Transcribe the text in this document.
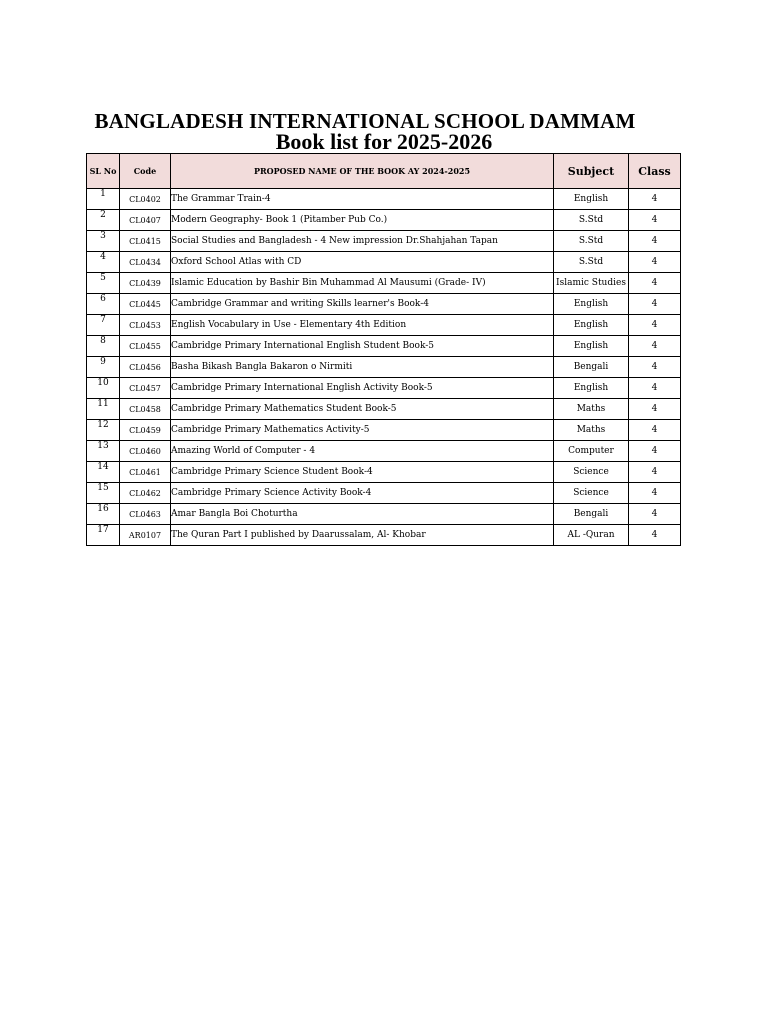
BANGLADESH INTERNATIONAL SCHOOL DAMMAM
Book list for 2025-2026
SL No	Code	PROPOSED NAME OF THE BOOK AY 2024-2025	Subject	Class
1	CL0402	The Grammar Train-4	English	4
2	CL0407	Modern Geography- Book 1 (Pitamber Pub Co.)	S.Std	4
3	CL0415	Social Studies and Bangladesh - 4 New impression Dr.Shahjahan Tapan	S.Std	4
4	CL0434	Oxford School Atlas with CD	S.Std	4
5	CL0439	Islamic Education by Bashir Bin Muhammad Al Mausumi (Grade- IV)	Islamic Studies	4
6	CL0445	Cambridge Grammar and writing Skills learner's Book-4	English	4
7	CL0453	English Vocabulary in Use - Elementary 4th Edition	English	4
8	CL0455	Cambridge Primary International English Student Book-5	English	4
9	CL0456	Basha Bikash Bangla Bakaron o Nirmiti	Bengali	4
10	CL0457	Cambridge Primary International English Activity Book-5	English	4
11	CL0458	Cambridge Primary Mathematics Student Book-5	Maths	4
12	CL0459	Cambridge Primary Mathematics Activity-5	Maths	4
13	CL0460	Amazing World of Computer - 4	Computer	4
14	CL0461	Cambridge Primary Science Student Book-4	Science	4
15	CL0462	Cambridge Primary Science Activity Book-4	Science	4
16	CL0463	Amar Bangla Boi Choturtha	Bengali	4
17	AR0107	The Quran Part I published by Daarussalam, Al- Khobar	AL -Quran	4
